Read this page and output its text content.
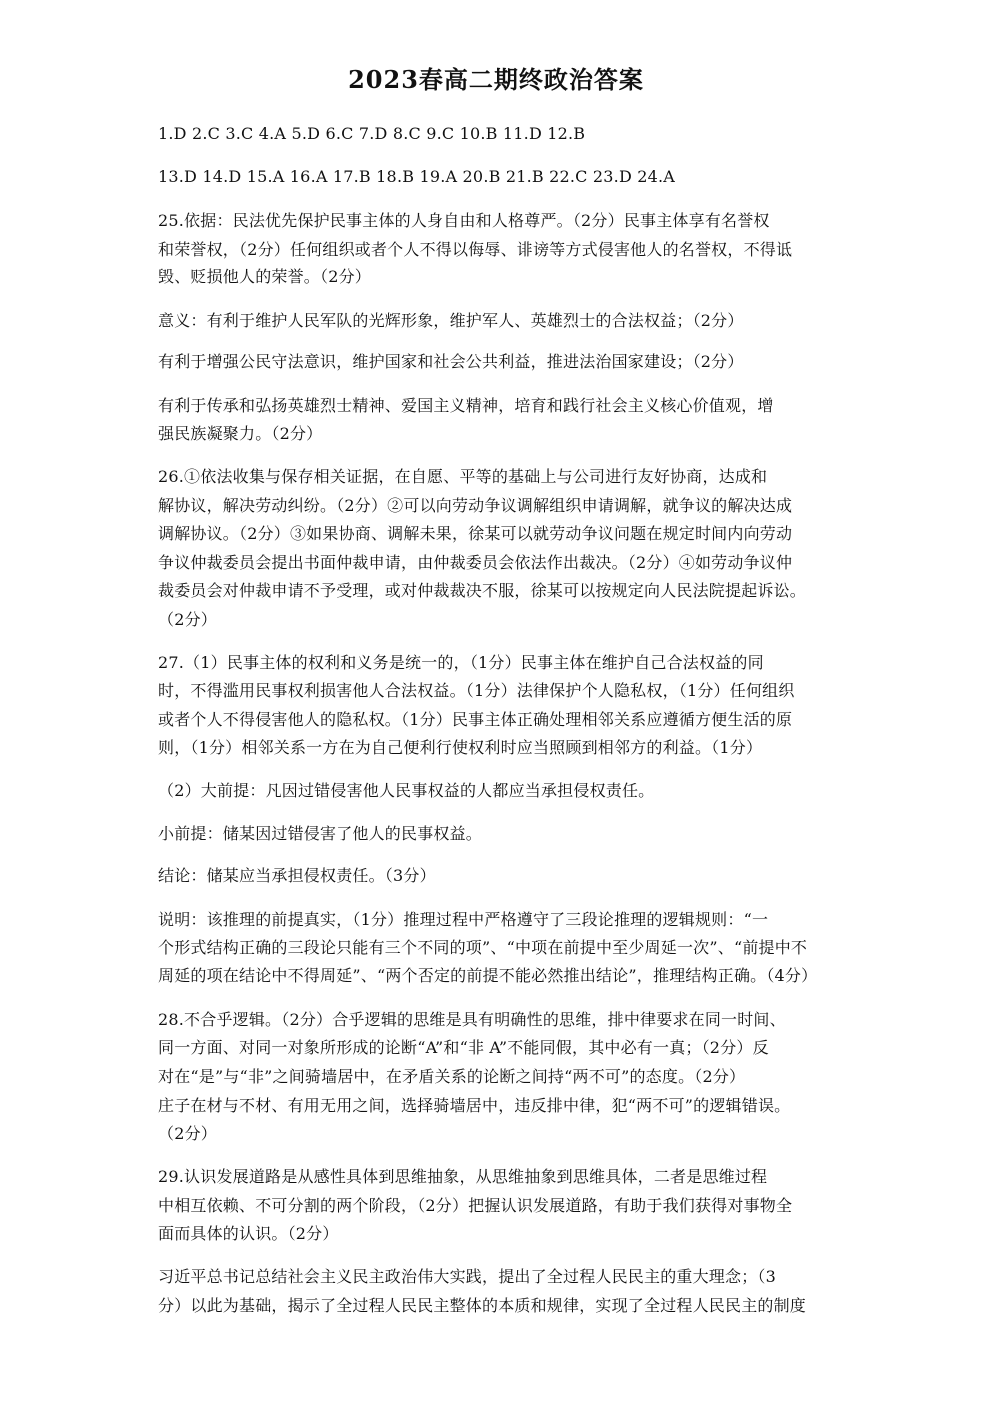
2023春高二期终政治答案
1.D 2.C 3.C 4.A 5.D 6.C 7.D 8.C 9.C 10.B 11.D 12.B
13.D 14.D 15.A 16.A 17.B 18.B 19.A 20.B 21.B 22.C 23.D 24.A
25.依据：民法优先保护民事主体的人身自由和人格尊严。（2分）民事主体享有名誉权
和荣誉权，（2分）任何组织或者个人不得以侮辱、诽谤等方式侵害他人的名誉权，不得诋
毁、贬损他人的荣誉。（2分）
意义：有利于维护人民军队的光辉形象，维护军人、英雄烈士的合法权益；（2分）
有利于增强公民守法意识，维护国家和社会公共利益，推进法治国家建设；（2分）
有利于传承和弘扬英雄烈士精神、爱国主义精神，培育和践行社会主义核心价值观，增
强民族凝聚力。（2分）
26.①依法收集与保存相关证据，在自愿、平等的基础上与公司进行友好协商，达成和
解协议，解决劳动纠纷。（2分）②可以向劳动争议调解组织申请调解，就争议的解决达成
调解协议。（2分）③如果协商、调解未果，徐某可以就劳动争议问题在规定时间内向劳动
争议仲裁委员会提出书面仲裁申请，由仲裁委员会依法作出裁决。（2分）④如劳动争议仲
裁委员会对仲裁申请不予受理，或对仲裁裁决不服，徐某可以按规定向人民法院提起诉讼。
（2分）
27.（1）民事主体的权利和义务是统一的，（1分）民事主体在维护自己合法权益的同
时，不得滥用民事权利损害他人合法权益。（1分）法律保护个人隐私权，（1分）任何组织
或者个人不得侵害他人的隐私权。（1分）民事主体正确处理相邻关系应遵循方便生活的原
则，（1分）相邻关系一方在为自己便利行使权利时应当照顾到相邻方的利益。（1分）
（2）大前提：凡因过错侵害他人民事权益的人都应当承担侵权责任。
小前提：储某因过错侵害了他人的民事权益。
结论：储某应当承担侵权责任。（3分）
说明：该推理的前提真实，（1分）推理过程中严格遵守了三段论推理的逻辑规则：“一
个形式结构正确的三段论只能有三个不同的项”、“中项在前提中至少周延一次”、“前提中不
周延的项在结论中不得周延”、“两个否定的前提不能必然推出结论”，推理结构正确。（4分）
28.不合乎逻辑。（2分）合乎逻辑的思维是具有明确性的思维，排中律要求在同一时间、
同一方面、对同一对象所形成的论断“A”和“非 A”不能同假，其中必有一真；（2分）反
对在“是”与“非”之间骑墙居中，在矛盾关系的论断之间持“两不可”的态度。（2分）
庄子在材与不材、有用无用之间，选择骑墙居中，违反排中律，犯“两不可”的逻辑错误。
（2分）
29.认识发展道路是从感性具体到思维抽象，从思维抽象到思维具体，二者是思维过程
中相互依赖、不可分割的两个阶段，（2分）把握认识发展道路，有助于我们获得对事物全
面而具体的认识。（2分）
习近平总书记总结社会主义民主政治伟大实践，提出了全过程人民民主的重大理念；（3
分）以此为基础，揭示了全过程人民民主整体的本质和规律，实现了全过程人民民主的制度
